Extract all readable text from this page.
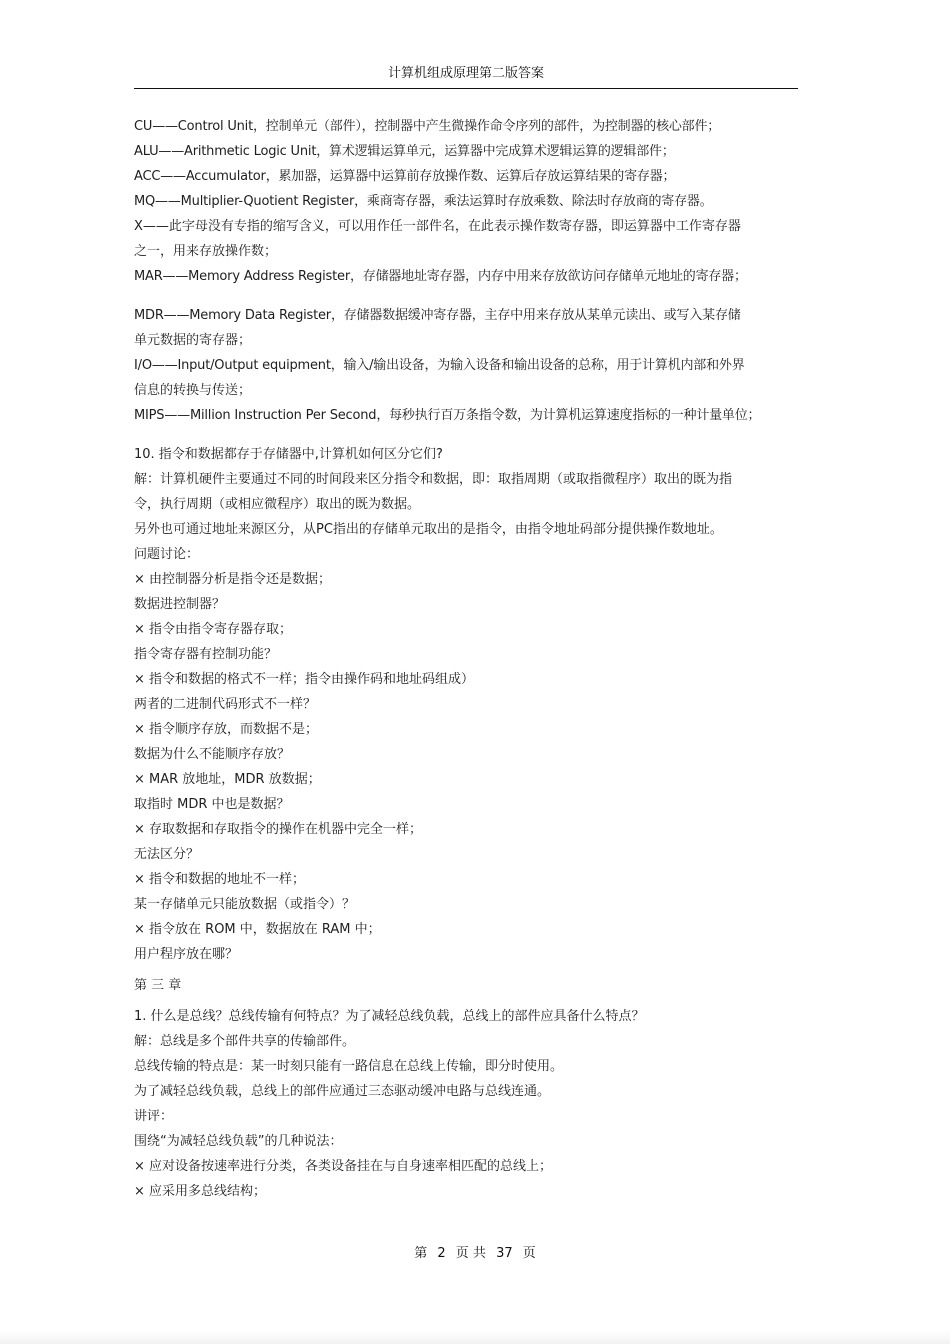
计算机组成原理第二版答案
CU——Control Unit，控制单元（部件），控制器中产生微操作命令序列的部件，为控制器的核心部件；
ALU——Arithmetic Logic Unit，算术逻辑运算单元，运算器中完成算术逻辑运算的逻辑部件；
ACC——Accumulator，累加器，运算器中运算前存放操作数、运算后存放运算结果的寄存器；
MQ——Multiplier-Quotient Register，乘商寄存器，乘法运算时存放乘数、除法时存放商的寄存器。
X——此字母没有专指的缩写含义，可以用作任一部件名，在此表示操作数寄存器，即运算器中工作寄存器
之一，用来存放操作数；
MAR——Memory Address Register，存储器地址寄存器，内存中用来存放欲访问存储单元地址的寄存器；
MDR——Memory Data Register，存储器数据缓冲寄存器，主存中用来存放从某单元读出、或写入某存储
单元数据的寄存器；
I/O——Input/Output equipment，输入/输出设备，为输入设备和输出设备的总称，用于计算机内部和外界
信息的转换与传送；
MIPS——Million Instruction Per Second，每秒执行百万条指令数，为计算机运算速度指标的一种计量单位；
10. 指令和数据都存于存储器中,计算机如何区分它们?
解：计算机硬件主要通过不同的时间段来区分指令和数据，即：取指周期（或取指微程序）取出的既为指
令，执行周期（或相应微程序）取出的既为数据。
另外也可通过地址来源区分，从PC指出的存储单元取出的是指令，由指令地址码部分提供操作数地址。
问题讨论：
× 由控制器分析是指令还是数据；
数据进控制器？
× 指令由指令寄存器存取；
指令寄存器有控制功能？
× 指令和数据的格式不一样；指令由操作码和地址码组成）
两者的二进制代码形式不一样？
× 指令顺序存放，而数据不是；
数据为什么不能顺序存放？
× MAR 放地址，MDR 放数据；
取指时 MDR 中也是数据？
× 存取数据和存取指令的操作在机器中完全一样；
无法区分？
× 指令和数据的地址不一样；
某一存储单元只能放数据（或指令）？
× 指令放在 ROM 中，数据放在 RAM 中；
用户程序放在哪？
第 三 章
1. 什么是总线？总线传输有何特点？为了减轻总线负载，总线上的部件应具备什么特点？
解：总线是多个部件共享的传输部件。
总线传输的特点是：某一时刻只能有一路信息在总线上传输，即分时使用。
为了减轻总线负载，总线上的部件应通过三态驱动缓冲电路与总线连通。
讲评：
围绕“为减轻总线负载”的几种说法：
× 应对设备按速率进行分类，各类设备挂在与自身速率相匹配的总线上；
× 应采用多总线结构；
第 2 页 共 37 页
